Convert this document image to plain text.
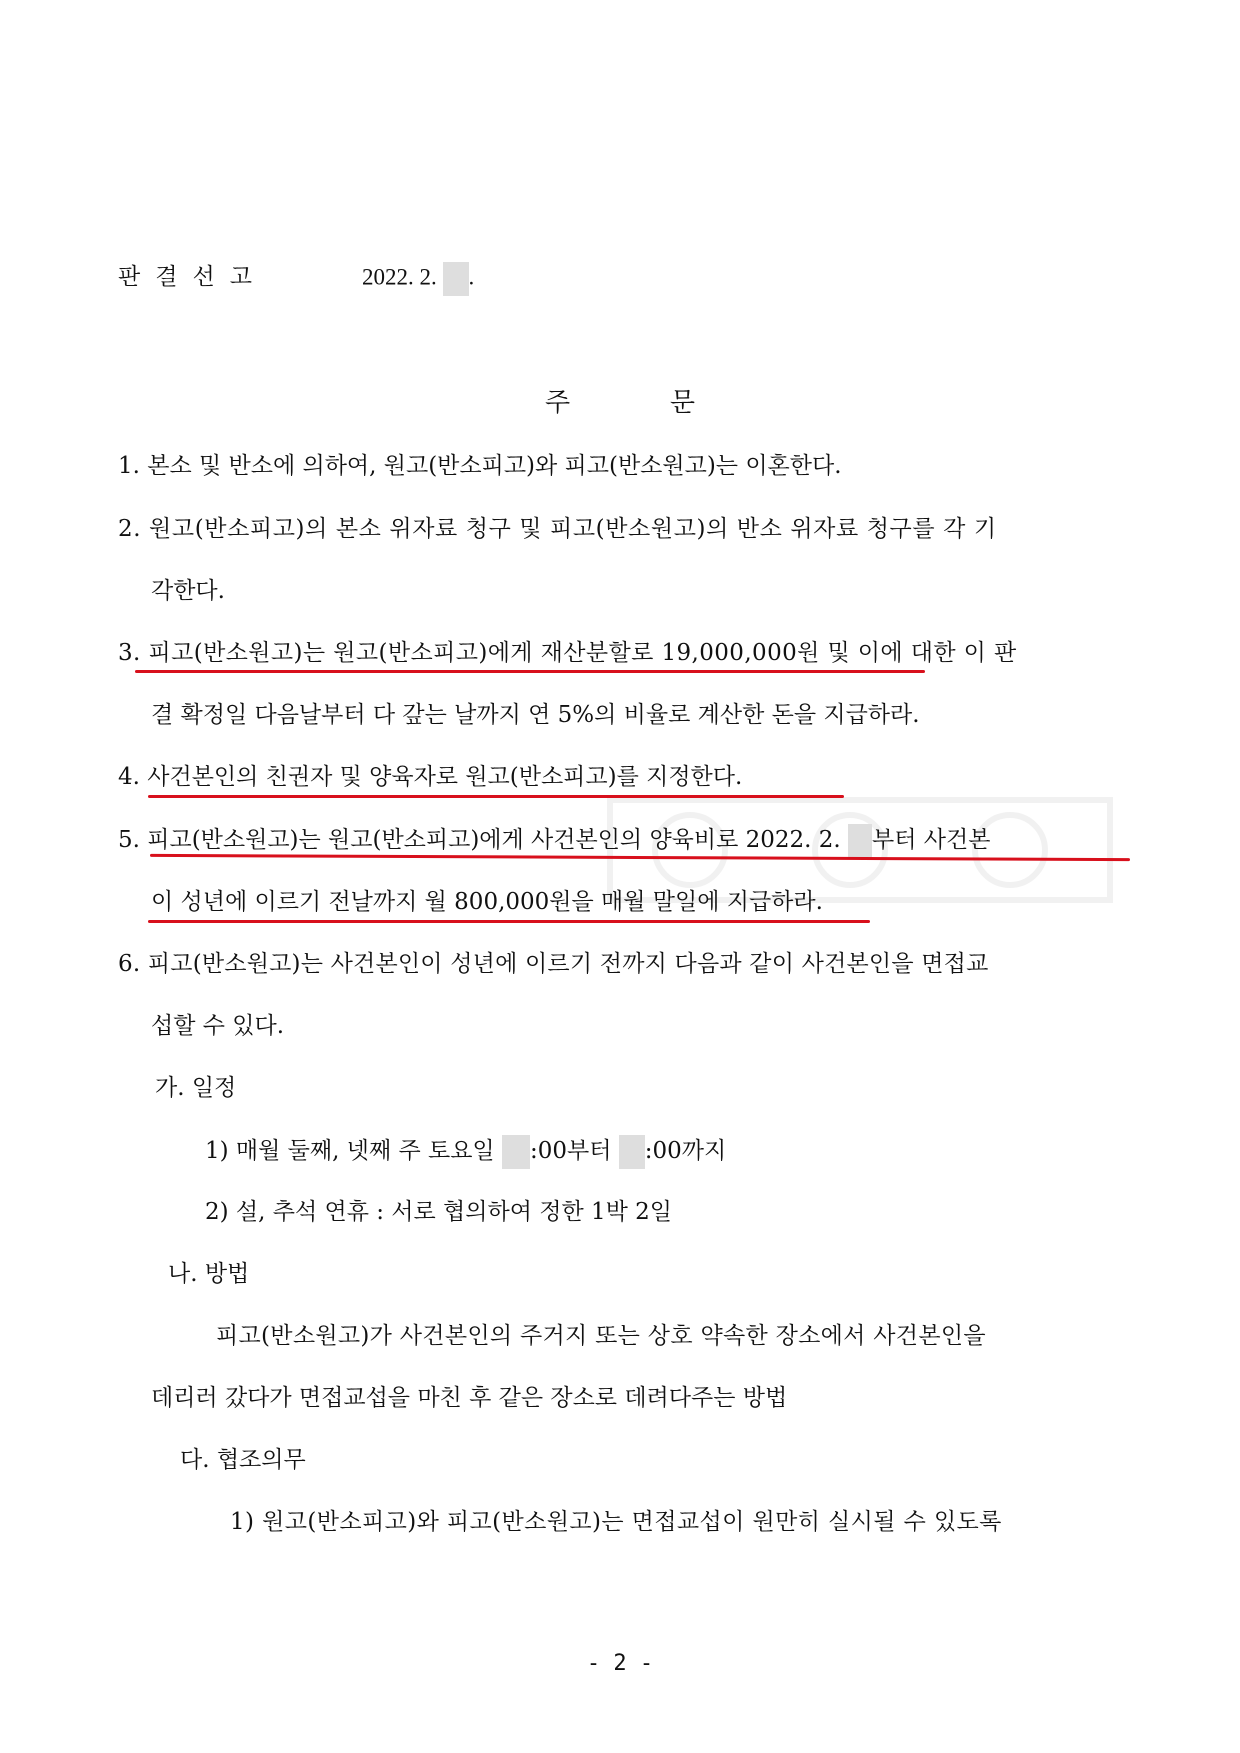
판 결 선 고	2022. 2. .
주	문
1. 본소 및 반소에 의하여, 원고(반소피고)와 피고(반소원고)는 이혼한다.
2. 원고(반소피고)의 본소 위자료 청구 및 피고(반소원고)의 반소 위자료 청구를 각 기
각한다.
3. 피고(반소원고)는 원고(반소피고)에게 재산분할로 19,000,000원 및 이에 대한 이 판
결 확정일 다음날부터 다 갚는 날까지 연 5%의 비율로 계산한 돈을 지급하라.
4. 사건본인의 친권자 및 양육자로 원고(반소피고)를 지정한다.
5. 피고(반소원고)는 원고(반소피고)에게 사건본인의 양육비로 2022. 2. 부터 사건본
이 성년에 이르기 전날까지 월 800,000원을 매월 말일에 지급하라.
6. 피고(반소원고)는 사건본인이 성년에 이르기 전까지 다음과 같이 사건본인을 면접교
섭할 수 있다.
가. 일정
1) 매월 둘째, 넷째 주 토요일 :00부터 :00까지
2) 설, 추석 연휴 : 서로 협의하여 정한 1박 2일
나. 방법
피고(반소원고)가 사건본인의 주거지 또는 상호 약속한 장소에서 사건본인을
데리러 갔다가 면접교섭을 마친 후 같은 장소로 데려다주는 방법
다. 협조의무
1) 원고(반소피고)와 피고(반소원고)는 면접교섭이 원만히 실시될 수 있도록
- 2 -
